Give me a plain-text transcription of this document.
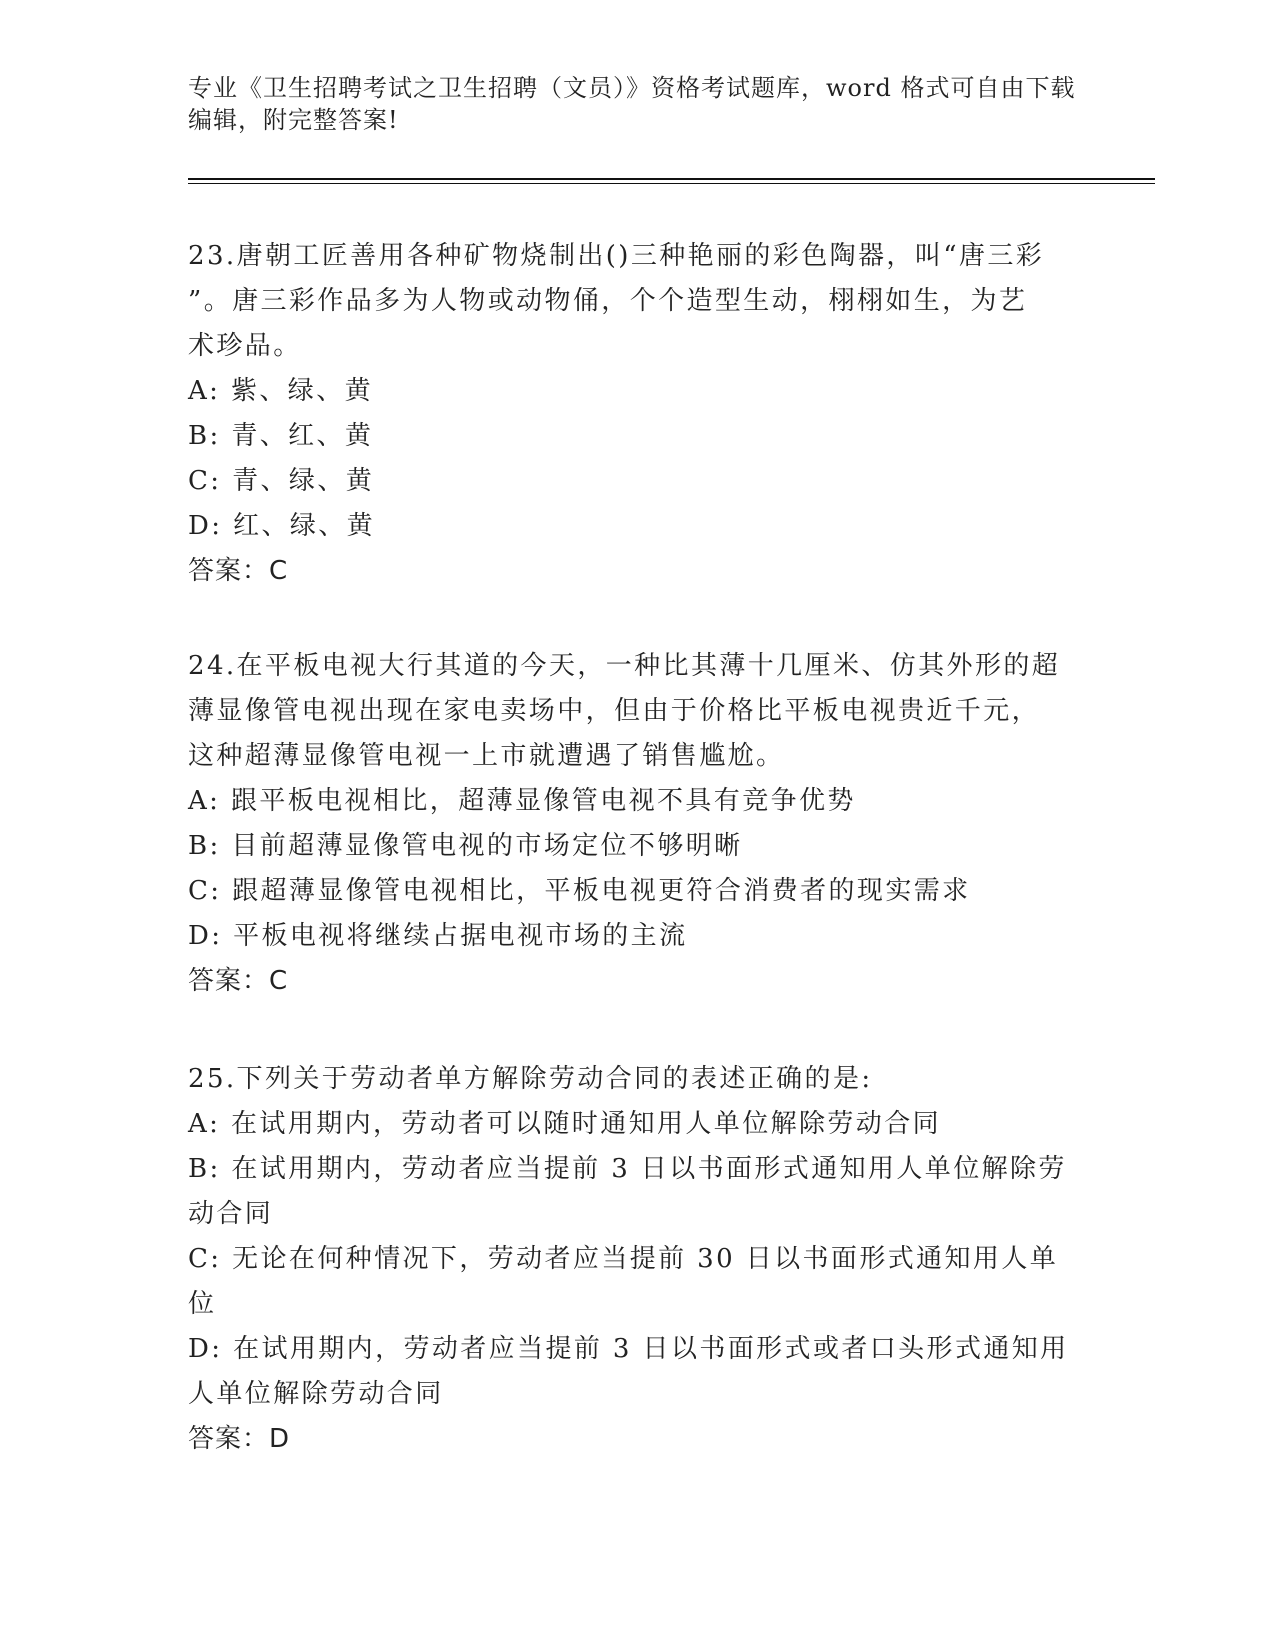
专业《卫生招聘考试之卫生招聘（文员）》资格考试题库，word 格式可自由下载
编辑，附完整答案!
23.唐朝工匠善用各种矿物烧制出()三种艳丽的彩色陶器，叫“唐三彩
”。唐三彩作品多为人物或动物俑，个个造型生动，栩栩如生，为艺
术珍品。
A: 紫、绿、黄
B: 青、红、黄
C: 青、绿、黄
D: 红、绿、黄
答案：C
24.在平板电视大行其道的今天，一种比其薄十几厘米、仿其外形的超
薄显像管电视出现在家电卖场中，但由于价格比平板电视贵近千元，
这种超薄显像管电视一上市就遭遇了销售尴尬。
A: 跟平板电视相比，超薄显像管电视不具有竞争优势
B: 目前超薄显像管电视的市场定位不够明晰
C: 跟超薄显像管电视相比，平板电视更符合消费者的现实需求
D: 平板电视将继续占据电视市场的主流
答案：C
25.下列关于劳动者单方解除劳动合同的表述正确的是:
A: 在试用期内，劳动者可以随时通知用人单位解除劳动合同
B: 在试用期内，劳动者应当提前 3 日以书面形式通知用人单位解除劳
动合同
C: 无论在何种情况下，劳动者应当提前 30 日以书面形式通知用人单
位
D: 在试用期内，劳动者应当提前 3 日以书面形式或者口头形式通知用
人单位解除劳动合同
答案：D
